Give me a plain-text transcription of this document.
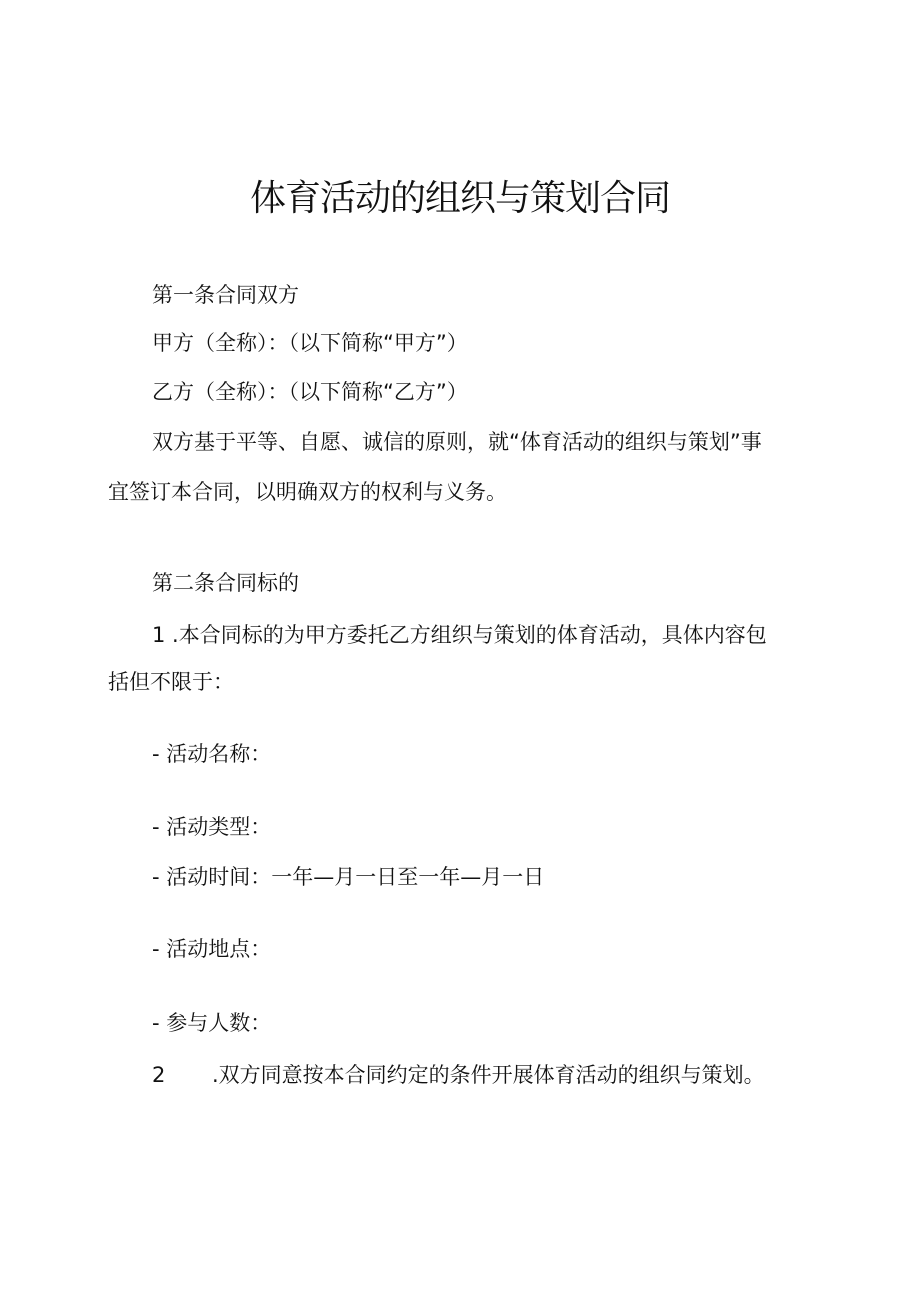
体育活动的组织与策划合同
第一条合同双方
甲方（全称）：（以下简称“甲方”）
乙方（全称）：（以下简称“乙方”）
双方基于平等、自愿、诚信的原则，就“体育活动的组织与策划”事
宜签订本合同，以明确双方的权利与义务。
第二条合同标的
1 .本合同标的为甲方委托乙方组织与策划的体育活动，具体内容包
括但不限于：
- 活动名称：
- 活动类型：
- 活动时间：一年—月一日至一年—月一日
- 活动地点：
- 参与人数：
2 .双方同意按本合同约定的条件开展体育活动的组织与策划。
